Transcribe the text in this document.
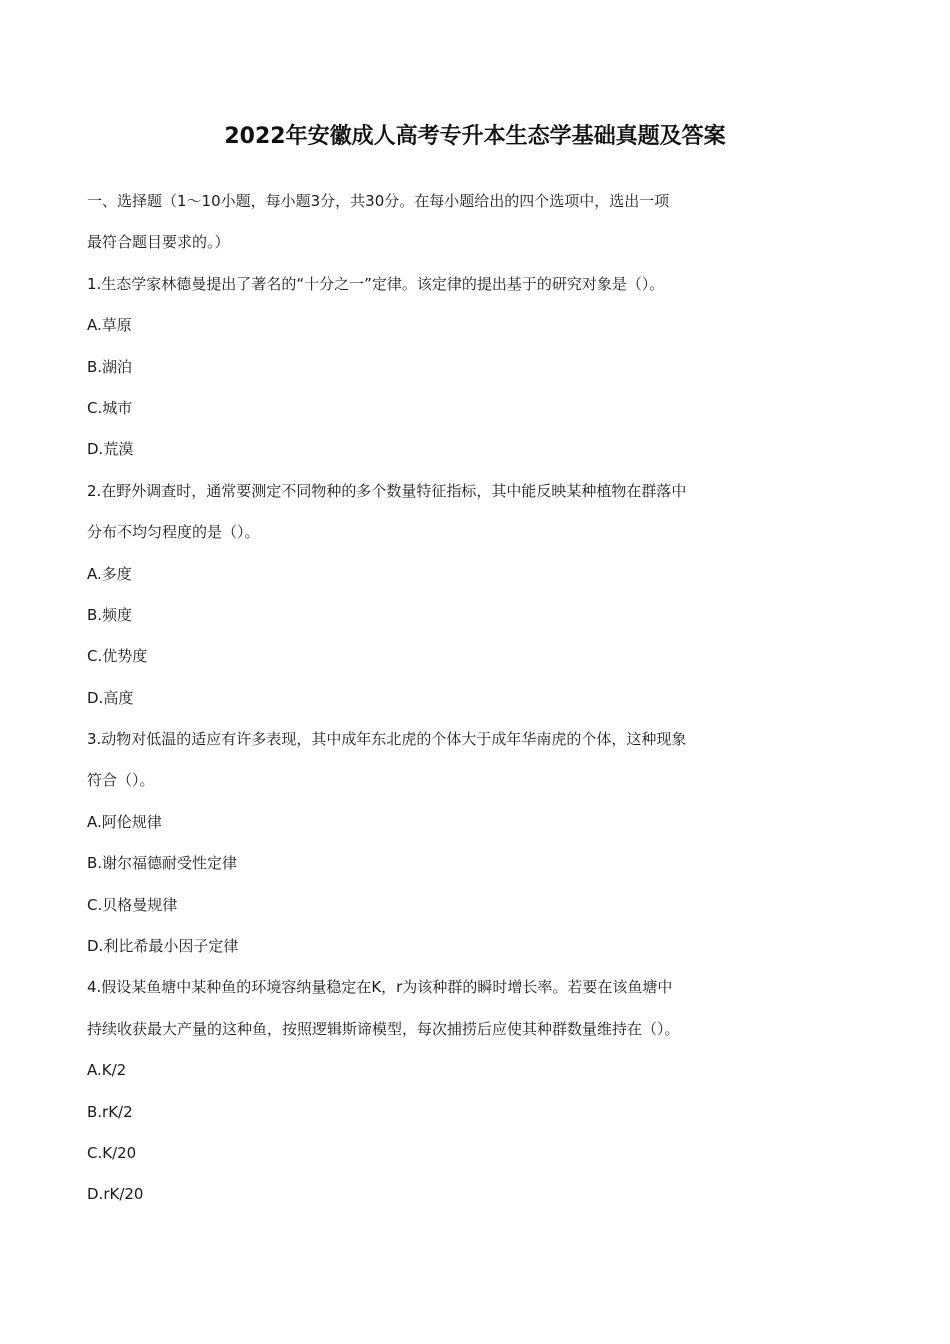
2022年安徽成人高考专升本生态学基础真题及答案
一、选择题（1〜10小题，每小题3分，共30分。在每小题给出的四个选项中，选出一项
最符合题目要求的。）
1.生态学家林德曼提出了著名的“十分之一”定律。该定律的提出基于的研究对象是（）。
A.草原
B.湖泊
C.城市
D.荒漠
2.在野外调查时，通常要测定不同物种的多个数量特征指标，其中能反映某种植物在群落中
分布不均匀程度的是（）。
A.多度
B.频度
C.优势度
D.高度
3.动物对低温的适应有许多表现，其中成年东北虎的个体大于成年华南虎的个体，这种现象
符合（）。
A.阿伦规律
B.谢尔福德耐受性定律
C.贝格曼规律
D.利比希最小因子定律
4.假设某鱼塘中某种鱼的环境容纳量稳定在K，r为该种群的瞬时增长率。若要在该鱼塘中
持续收获最大产量的这种鱼，按照逻辑斯谛模型，每次捕捞后应使其种群数量维持在（）。
A.K/2
B.rK/2
C.K/20
D.rK/20
